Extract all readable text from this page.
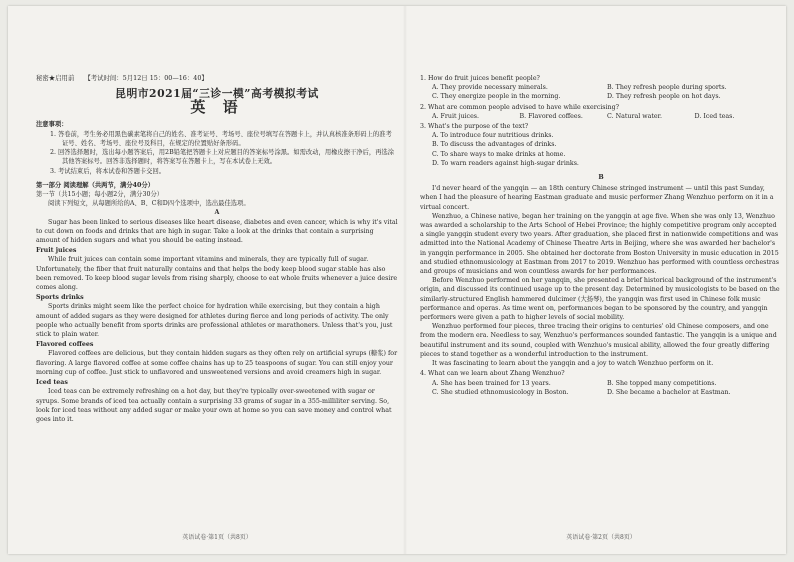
秘密★启用前 【考试时间：5月12日 15：00—16：40】

昆明市2021届“三诊一模”高考模拟考试

英 语

注意事项：

1. 答卷前，考生务必用黑色碳素笔将自己的姓名、准考证号、考场号、座位号填写在答题卡上，并认真核准条形码上的准考证号、姓名、考场号、座位号及科目，在规定的位置贴好条形码。

2. 回答选择题时，选出每小题答案后，用2B铅笔把答题卡上对应题目的答案标号涂黑。如需改动，用橡皮擦干净后，再选涂其他答案标号。回答非选择题时，将答案写在答题卡上，写在本试卷上无效。

3. 考试结束后，将本试卷和答题卡交回。

第一部分 阅读理解（共两节，满分40分）

第一节（共15小题；每小题2分，满分30分）

阅读下列短文，从每题所给的A、B、C和D四个选项中，选出最佳选项。

A

Sugar has been linked to serious diseases like heart disease, diabetes and even cancer, which is why it's vital to cut down on foods and drinks that are high in sugar. Take a look at the drinks that contain a surprising amount of hidden sugars and what you should be eating instead.

Fruit juices

While fruit juices can contain some important vitamins and minerals, they are typically full of sugar. Unfortunately, the fiber that fruit naturally contains and that helps the body keep blood sugar stable has also been removed. To keep blood sugar levels from rising sharply, choose to eat whole fruits whenever a juice desire comes along.

Sports drinks

Sports drinks might seem like the perfect choice for hydration while exercising, but they contain a high amount of added sugars as they were designed for athletes during fierce and long periods of activity. The only people who actually benefit from sports drinks are professional athletes or marathoners. Unless that's you, just stick to plain water.

Flavored coffees

Flavored coffees are delicious, but they contain hidden sugars as they often rely on artificial syrups (糖浆) for flavoring. A large flavored coffee at some coffee chains has up to 25 teaspoons of sugar. You can still enjoy your morning cup of coffee. Just stick to unflavored and unsweetened versions and avoid creamers high in sugar.

Iced teas

Iced teas can be extremely refreshing on a hot day, but they're typically over-sweetened with sugar or syrups. Some brands of iced tea actually contain a surprising 33 grams of sugar in a 355-milliliter serving. So, look for iced teas without any added sugar or make your own at home so you can save money and control what goes into it.

英语试卷·第1页（共8页）

1. How do fruit juices benefit people?

A. They provide necessary minerals.	B. They refresh people during sports.
C. They energize people in the morning.	D. They refresh people on hot days.

2. What are common people advised to have while exercising?

A. Fruit juices.	B. Flavored coffees.	C. Natural water.	D. Iced teas.

3. What's the purpose of the text?

A. To introduce four nutritious drinks.
B. To discuss the advantages of drinks.
C. To share ways to make drinks at home.
D. To warn readers against high-sugar drinks.

B

I'd never heard of the yangqin — an 18th century Chinese stringed instrument — until this past Sunday, when I had the pleasure of hearing Eastman graduate and music performer Zhang Wenzhuo perform on it in a virtual concert.

Wenzhuo, a Chinese native, began her training on the yangqin at age five. When she was only 13, Wenzhuo was awarded a scholarship to the Arts School of Hebei Province; the highly competitive program only accepted a single yangqin student every two years. After graduation, she placed first in nationwide competitions and was admitted into the National Academy of Chinese Theatre Arts in Beijing, where she was awarded her bachelor's in yangqin performance in 2005. She obtained her doctorate from Boston University in music education in 2015 and studied ethnomusicology at Eastman from 2017 to 2019. Wenzhuo has performed with countless orchestras and groups of musicians and won countless awards for her performances.

Before Wenzhuo performed on her yangqin, she presented a brief historical background of the instrument's origin, and discussed its continued usage up to the present day. Determined by musicologists to be based on the similarly-structured English hammered dulcimer (大扬琴), the yangqin was first used in Chinese folk music performance and operas. As time went on, performances began to be sponsored by the country, and yangqin performers were given a path to higher levels of social mobility.

Wenzhuo performed four pieces, three tracing their origins to centuries' old Chinese composers, and one from the modern era. Needless to say, Wenzhuo's performances sounded fantastic. The yangqin is a unique and beautiful instrument and its sound, coupled with Wenzhuo's musical ability, allowed the four greatly differing pieces to stand together as a wonderful introduction to the instrument.

It was fascinating to learn about the yangqin and a joy to watch Wenzhuo perform on it.

4. What can we learn about Zhang Wenzhuo?

A. She has been trained for 13 years.	B. She topped many competitions.
C. She studied ethnomusicology in Boston.	D. She became a bachelor at Eastman.
英语试卷·第2页（共8页）
